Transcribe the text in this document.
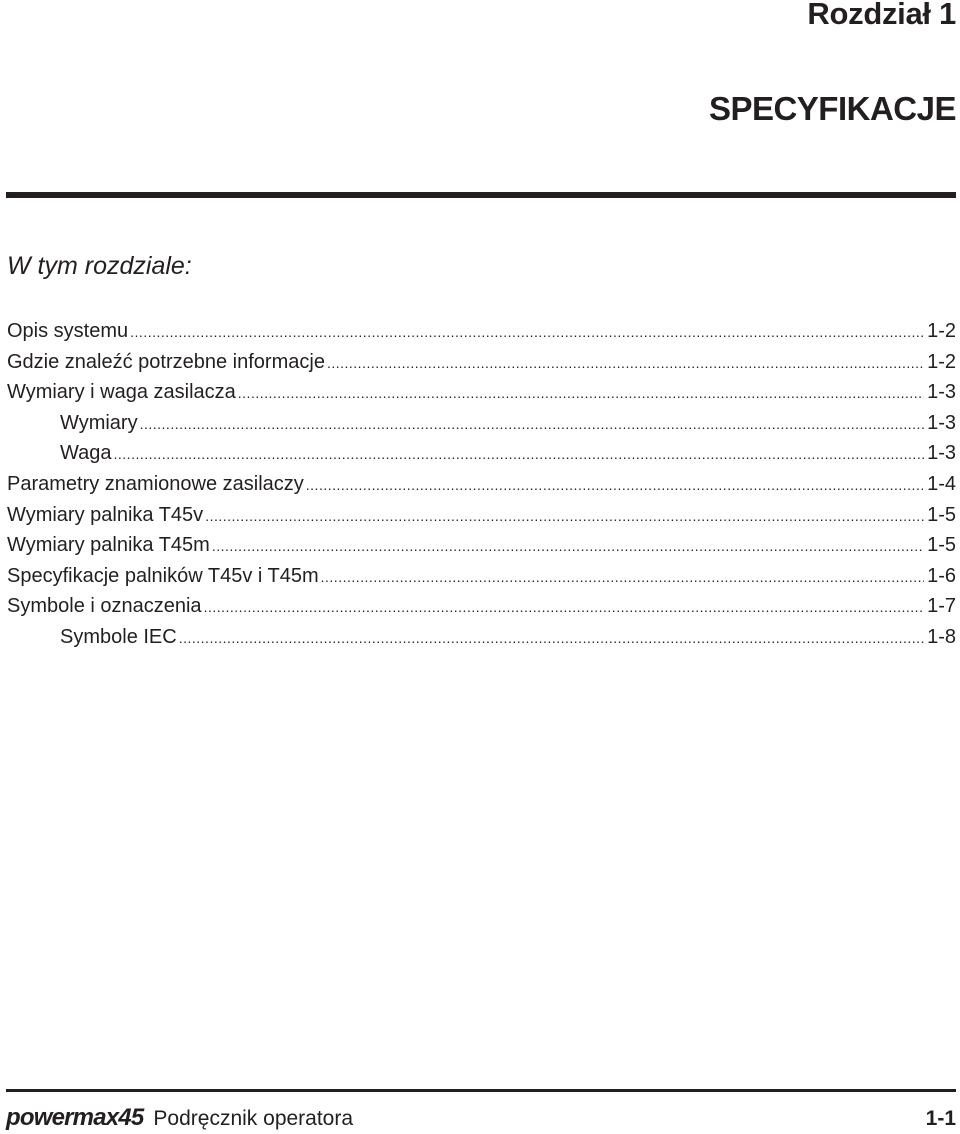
Rozdział 1
SPECYFIKACJE

W tym rozdziale:

Opis systemu .....	1-2
Gdzie znaleźć potrzebne informacje .....	1-2
Wymiary i waga zasilacza .....	1-3
Wymiary .....	1-3
Waga .....	1-3
Parametry znamionowe zasilaczy .....	1-4
Wymiary palnika T45v .....	1-5
Wymiary palnika T45m .....	1-5
Specyfikacje palników T45v i T45m .....	1-6
Symbole i oznaczenia .....	1-7
Symbole IEC .....	1-8
powermax45 Podręcznik operatora	1-1
